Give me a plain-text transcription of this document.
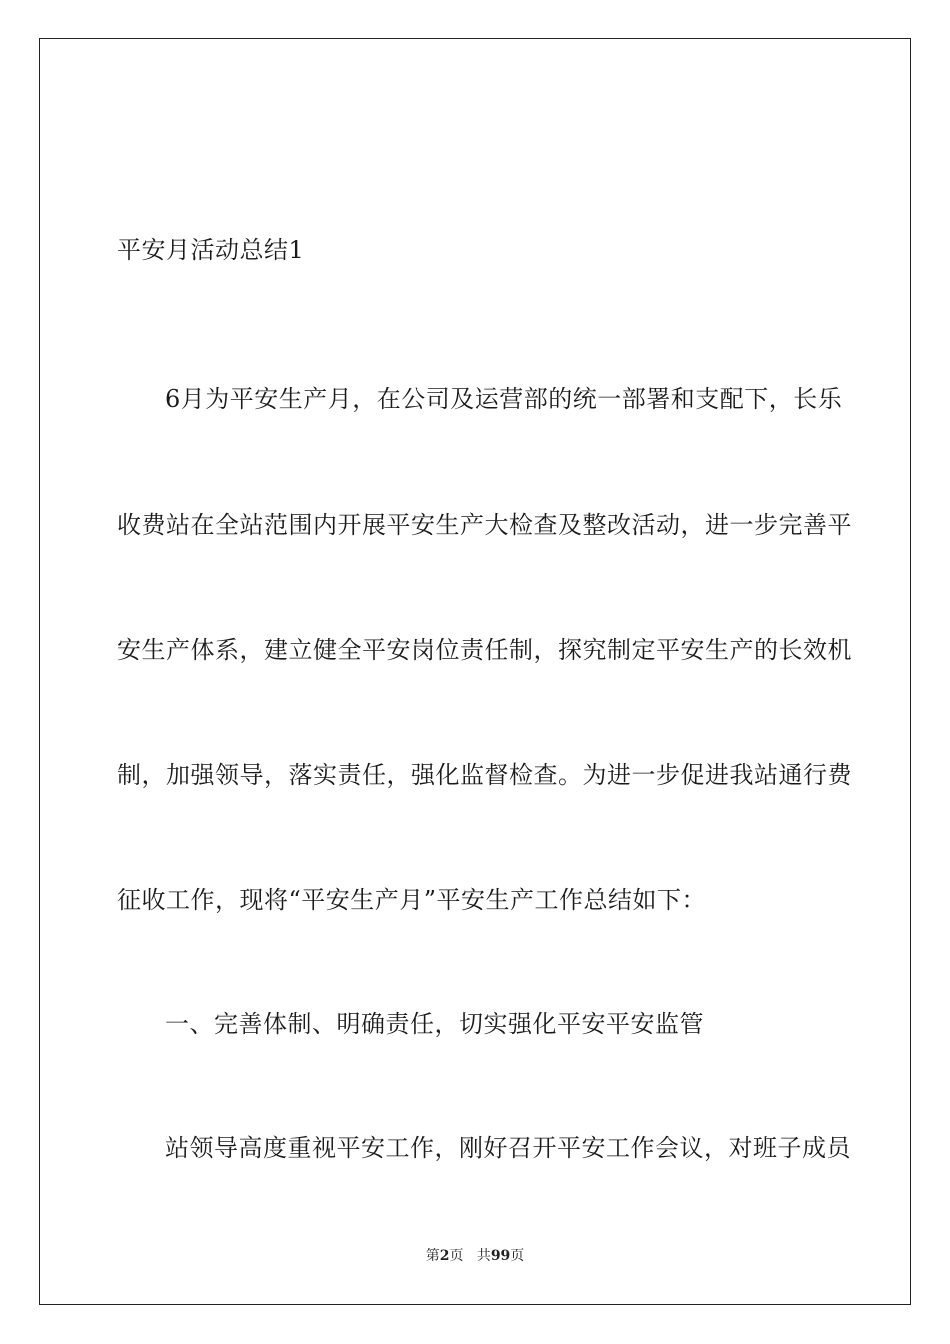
平安月活动总结1
6月为平安生产月，在公司及运营部的统一部署和支配下，长乐
收费站在全站范围内开展平安生产大检查及整改活动，进一步完善平
安生产体系，建立健全平安岗位责任制，探究制定平安生产的长效机
制，加强领导，落实责任，强化监督检查。为进一步促进我站通行费
征收工作，现将“平安生产月”平安生产工作总结如下：
一、完善体制、明确责任，切实强化平安平安监管
站领导高度重视平安工作，刚好召开平安工作会议，对班子成员
第2页 共99页
